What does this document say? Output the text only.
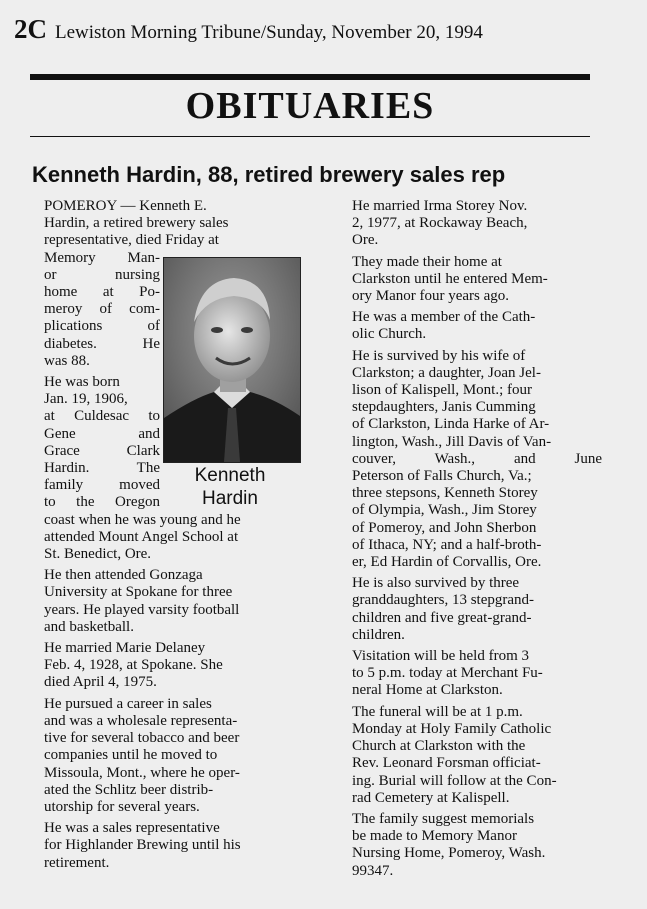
2C Lewiston Morning Tribune/Sunday, November 20, 1994
OBITUARIES
Kenneth Hardin, 88, retired brewery sales rep
Kenneth
Hardin

POMEROY — Kenneth E.
Hardin, a retired brewery sales
representative, died Friday at
Memory Man-
or nursing
home at Po-
meroy of com-
plications of
diabetes. He
was 88.

He was born
Jan. 19, 1906,
at Culdesac to
Gene and
Grace Clark
Hardin. The
family moved
to the Oregon
coast when he was young and he
attended Mount Angel School at
St. Benedict, Ore.

He then attended Gonzaga
University at Spokane for three
years. He played varsity football
and basketball.

He married Marie Delaney
Feb. 4, 1928, at Spokane. She
died April 4, 1975.

He pursued a career in sales
and was a wholesale representa-
tive for several tobacco and beer
companies until he moved to
Missoula, Mont., where he oper-
ated the Schlitz beer distrib-
utorship for several years.

He was a sales representative
for Highlander Brewing until his
retirement.

He married Irma Storey Nov.
2, 1977, at Rockaway Beach,
Ore.

They made their home at
Clarkston until he entered Mem-
ory Manor four years ago.

He was a member of the Cath-
olic Church.

He is survived by his wife of
Clarkston; a daughter, Joan Jel-
lison of Kalispell, Mont.; four
stepdaughters, Janis Cumming
of Clarkston, Linda Harke of Ar-
lington, Wash., Jill Davis of Van-
couver, Wash., and June
Peterson of Falls Church, Va.;
three stepsons, Kenneth Storey
of Olympia, Wash., Jim Storey
of Pomeroy, and John Sherbon
of Ithaca, NY; and a half-broth-
er, Ed Hardin of Corvallis, Ore.

He is also survived by three
granddaughters, 13 stepgrand-
children and five great-grand-
children.

Visitation will be held from 3
to 5 p.m. today at Merchant Fu-
neral Home at Clarkston.

The funeral will be at 1 p.m.
Monday at Holy Family Catholic
Church at Clarkston with the
Rev. Leonard Forsman officiat-
ing. Burial will follow at the Con-
rad Cemetery at Kalispell.

The family suggest memorials
be made to Memory Manor
Nursing Home, Pomeroy, Wash.
99347.
